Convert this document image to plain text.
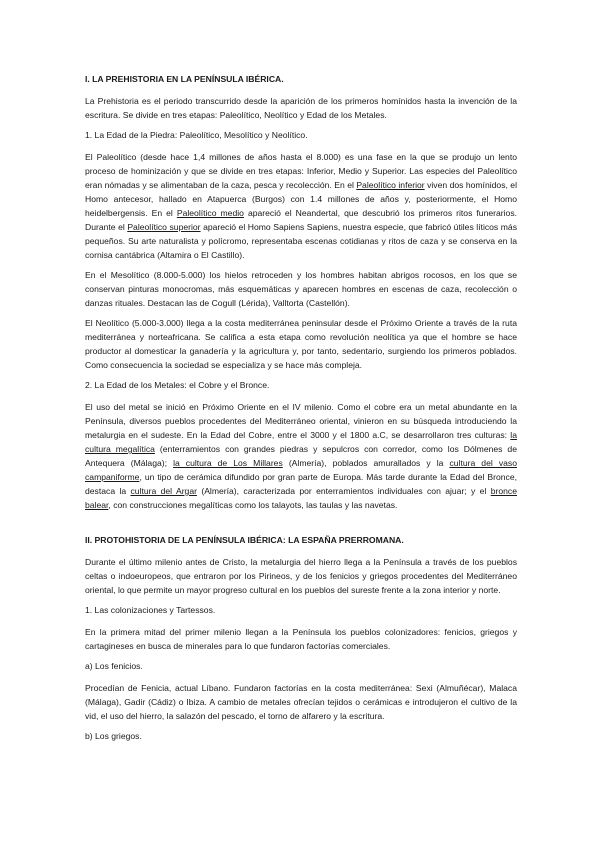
I. LA PREHISTORIA EN LA PENÍNSULA IBÉRICA.

La Prehistoria es el periodo transcurrido desde la aparición de los primeros homínidos hasta la invención de la escritura. Se divide en tres etapas: Paleolítico, Neolítico y Edad de los Metales.

1. La Edad de la Piedra: Paleolítico, Mesolítico y Neolítico.

El Paleolítico (desde hace 1,4 millones de años hasta el 8.000) es una fase en la que se produjo un lento proceso de hominización y que se divide en tres etapas: Inferior, Medio y Superior. Las especies del Paleolítico eran nómadas y se alimentaban de la caza, pesca y recolección. En el Paleolítico inferior viven dos homínidos, el Homo antecesor, hallado en Atapuerca (Burgos) con 1.4 millones de años y, posteriormente, el Homo heidelbergensis. En el Paleolítico medio apareció el Neandertal, que descubrió los primeros ritos funerarios. Durante el Paleolítico superior apareció el Homo Sapiens Sapiens, nuestra especie, que fabricó útiles líticos más pequeños. Su arte naturalista y polícromo, representaba escenas cotidianas y ritos de caza y se conserva en la cornisa cantábrica (Altamira o El Castillo).

En el Mesolítico (8.000-5.000) los hielos retroceden y los hombres habitan abrigos rocosos, en los que se conservan pinturas monocromas, más esquemáticas y aparecen hombres en escenas de caza, recolección o danzas rituales. Destacan las de Cogull (Lérida), Valltorta (Castellón).

El Neolítico (5.000-3.000) llega a la costa mediterránea peninsular desde el Próximo Oriente a través de la ruta mediterránea y norteafricana. Se califica a esta etapa como revolución neolítica ya que el hombre se hace productor al domesticar la ganadería y la agricultura y, por tanto, sedentario, surgiendo los primeros poblados. Como consecuencia la sociedad se especializa y se hace más compleja.

2. La Edad de los Metales: el Cobre y el Bronce.

El uso del metal se inició en Próximo Oriente en el IV milenio. Como el cobre era un metal abundante en la Península, diversos pueblos procedentes del Mediterráneo oriental, vinieron en su búsqueda introduciendo la metalurgia en el sudeste. En la Edad del Cobre, entre el 3000 y el 1800 a.C, se desarrollaron tres culturas: la cultura megalítica (enterramientos con grandes piedras y sepulcros con corredor, como los Dólmenes de Antequera (Málaga); la cultura de Los Millares (Almería), poblados amurallados y la cultura del vaso campaniforme, un tipo de cerámica difundido por gran parte de Europa. Más tarde durante la Edad del Bronce, destaca la cultura del Argar (Almería), caracterizada por enterramientos individuales con ajuar; y el bronce balear, con construcciones megalíticas como los talayots, las taulas y las navetas.

II. PROTOHISTORIA DE LA PENÍNSULA IBÉRICA: LA ESPAÑA PRERROMANA.

Durante el último milenio antes de Cristo, la metalurgia del hierro llega a la Península a través de los pueblos celtas o indoeuropeos, que entraron por los Pirineos, y de los fenicios y griegos procedentes del Mediterráneo oriental, lo que permite un mayor progreso cultural en los pueblos del sureste frente a la zona interior y norte.

1. Las colonizaciones y Tartessos.

En la primera mitad del primer milenio llegan a la Península los pueblos colonizadores: fenicios, griegos y cartagineses en busca de minerales para lo que fundaron factorías comerciales.

a) Los fenicios.

Procedían de Fenicia, actual Líbano. Fundaron factorías en la costa mediterránea: Sexi (Almuñécar), Malaca (Málaga), Gadir (Cádiz) o Ibiza. A cambio de metales ofrecían tejidos o cerámicas e introdujeron el cultivo de la vid, el uso del hierro, la salazón del pescado, el torno de alfarero y la escritura.

b) Los griegos.
